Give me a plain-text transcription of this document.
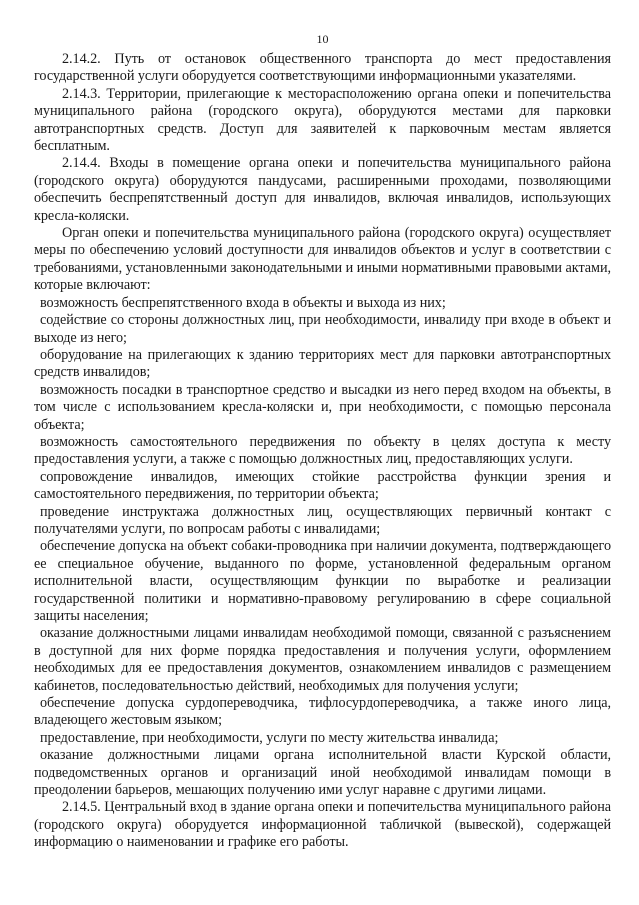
10

2.14.2. Путь от остановок общественного транспорта до мест предоставления государственной услуги оборудуется соответствующими информационными указателями.

2.14.3. Территории, прилегающие к месторасположению органа опеки и попечительства муниципального района (городского округа), оборудуются местами для парковки автотранспортных средств. Доступ для заявителей к парковочным местам является бесплатным.

2.14.4. Входы в помещение органа опеки и попечительства муниципального района (городского округа) оборудуются пандусами, расширенными проходами, позволяющими обеспечить беспрепятственный доступ для инвалидов, включая инвалидов, использующих кресла-коляски.

Орган опеки и попечительства муниципального района (городского округа) осуществляет меры по обеспечению условий доступности для инвалидов объектов и услуг в соответствии с требованиями, установленными законодательными и иными нормативными правовыми актами, которые включают:

возможность беспрепятственного входа в объекты и выхода из них;

содействие со стороны должностных лиц, при необходимости, инвалиду при входе в объект и выходе из него;

оборудование на прилегающих к зданию территориях мест для парковки автотранспортных средств инвалидов;

возможность посадки в транспортное средство и высадки из него перед входом на объекты, в том числе с использованием кресла-коляски и, при необходимости, с помощью персонала объекта;

возможность самостоятельного передвижения по объекту в целях доступа к месту предоставления услуги, а также с помощью должностных лиц, предоставляющих услуги.

сопровождение инвалидов, имеющих стойкие расстройства функции зрения и самостоятельного передвижения, по территории объекта;

проведение инструктажа должностных лиц, осуществляющих первичный контакт с получателями услуги, по вопросам работы с инвалидами;

обеспечение допуска на объект собаки-проводника при наличии документа, подтверждающего ее специальное обучение, выданного по форме, установленной федеральным органом исполнительной власти, осуществляющим функции по выработке и реализации государственной политики и нормативно-правовому регулированию в сфере социальной защиты населения;

оказание должностными лицами инвалидам необходимой помощи, связанной с разъяснением в доступной для них форме порядка предоставления и получения услуги, оформлением необходимых для ее предоставления документов, ознакомлением инвалидов с размещением кабинетов, последовательностью действий, необходимых для получения услуги;

обеспечение допуска сурдопереводчика, тифлосурдопереводчика, а также иного лица, владеющего жестовым языком;

предоставление, при необходимости, услуги по месту жительства инвалида;

оказание должностными лицами органа исполнительной власти Курской области, подведомственных органов и организаций иной необходимой инвалидам помощи в преодолении барьеров, мешающих получению ими услуг наравне с другими лицами.

2.14.5. Центральный вход в здание органа опеки и попечительства муниципального района (городского округа) оборудуется информационной табличкой (вывеской), содержащей информацию о наименовании и графике его работы.
